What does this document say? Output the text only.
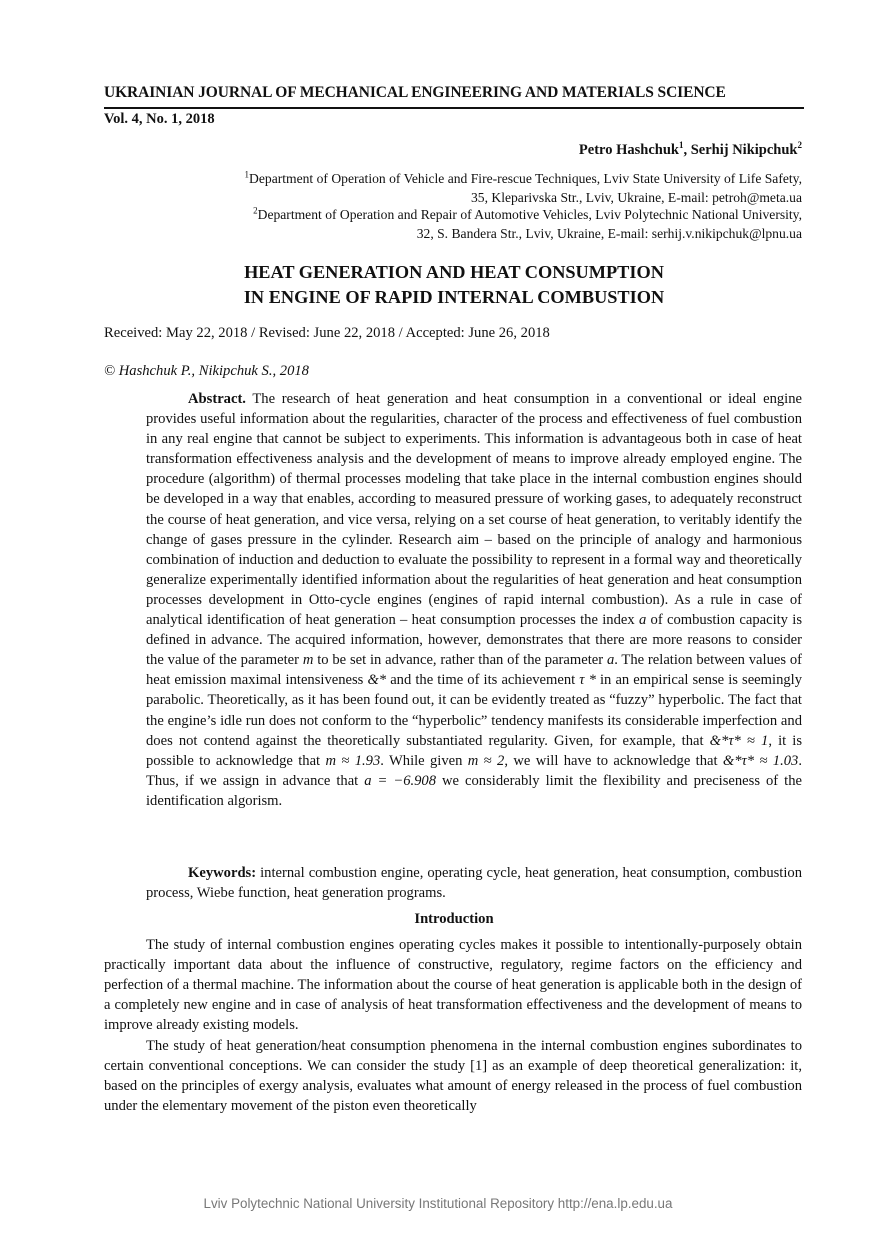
UKRAINIAN JOURNAL OF MECHANICAL ENGINEERING AND MATERIALS SCIENCE
Vol. 4, No. 1, 2018
Petro Hashchuk$^1$, Serhij Nikipchuk$^2$
$^1$Department of Operation of Vehicle and Fire-rescue Techniques, Lviv State University of Life Safety,
35, Kleparivska Str., Lviv, Ukraine, E-mail: petroh@meta.ua
$^2$Department of Operation and Repair of Automotive Vehicles, Lviv Polytechnic National University,
32, S. Bandera Str., Lviv, Ukraine, E-mail: serhij.v.nikipchuk@lpnu.ua
HEAT GENERATION AND HEAT CONSUMPTION
IN ENGINE OF RAPID INTERNAL COMBUSTION
Received: May 22, 2018 / Revised: June 22, 2018 / Accepted: June 26, 2018
© Hashchuk P., Nikipchuk S., 2018

Abstract. The research of heat generation and heat consumption in a conventional or ideal engine provides useful information about the regularities, character of the process and effectiveness of fuel combustion in any real engine that cannot be subject to experiments. This information is advantageous both in case of heat transformation effectiveness analysis and the development of means to improve already employed engine. The procedure (algorithm) of thermal processes modeling that take place in the internal combustion engines should be developed in a way that enables, according to measured pressure of working gases, to adequately reconstruct the course of heat generation, and vice versa, relying on a set course of heat generation, to veritably identify the change of gases pressure in the cylinder. Research aim – based on the principle of analogy and harmonious combination of induction and deduction to evaluate the possibility to represent in a formal way and theoretically generalize experimentally identified information about the regularities of heat generation and heat consumption processes development in Otto-cycle engines (engines of rapid internal combustion). As a rule in case of analytical identification of heat generation – heat consumption processes the index a of combustion capacity is defined in advance. The acquired information, however, demonstrates that there are more reasons to consider the value of the parameter m to be set in advance, rather than of the parameter a. The relation between values of heat emission maximal intensiveness &* and the time of its achievement τ * in an empirical sense is seemingly parabolic. Theoretically, as it has been found out, it can be evidently treated as “fuzzy” hyperbolic. The fact that the engine’s idle run does not conform to the “hyperbolic” tendency manifests its considerable imperfection and does not contend against the theoretically substantiated regularity. Given, for example, that &*τ* ≈ 1, it is possible to acknowledge that m ≈ 1.93. While given m ≈ 2, we will have to acknowledge that &*τ* ≈ 1.03. Thus, if we assign in advance that a = −6.908 we considerably limit the flexibility and preciseness of the identification algorism.

Keywords: internal combustion engine, operating cycle, heat generation, heat consumption, combustion process, Wiebe function, heat generation programs.

Introduction

The study of internal combustion engines operating cycles makes it possible to intentionally-purposely obtain practically important data about the influence of constructive, regulatory, regime factors on the efficiency and perfection of a thermal machine. The information about the course of heat generation is applicable both in the design of a completely new engine and in case of analysis of heat transformation effectiveness and the development of means to improve already existing models.

The study of heat generation/heat consumption phenomena in the internal combustion engines subordinates to certain conventional conceptions. We can consider the study [1] as an example of deep theoretical generalization: it, based on the principles of exergy analysis, evaluates what amount of energy released in the process of fuel combustion under the elementary movement of the piston even theoretically

Lviv Polytechnic National University Institutional Repository http://ena.lp.edu.ua
